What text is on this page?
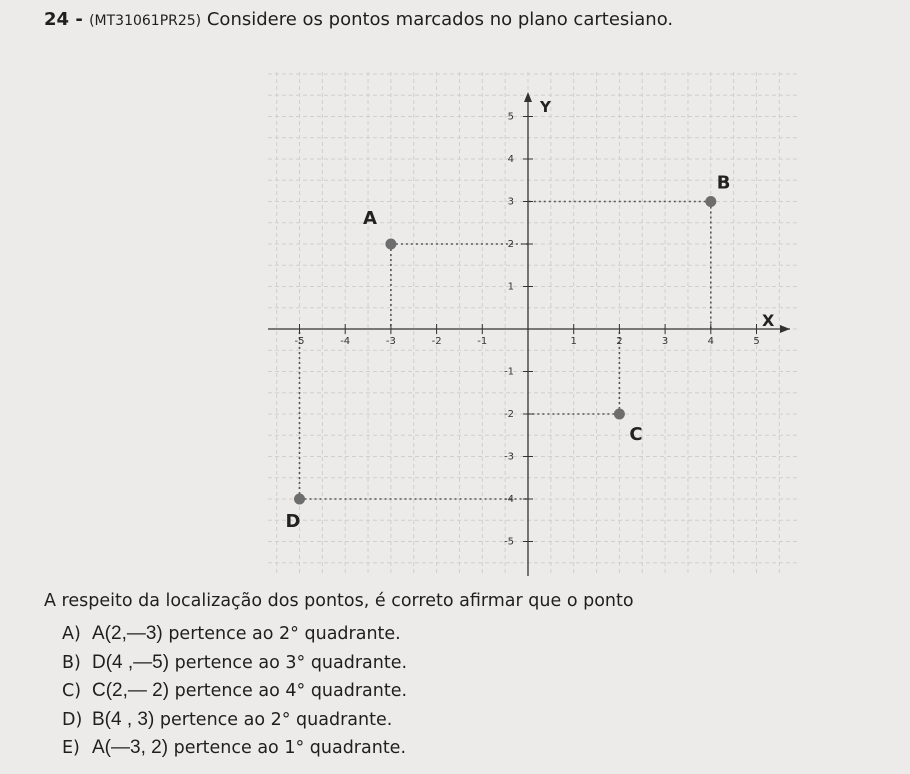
24 - (MT31061PR25) Considere os pontos marcados no plano cartesiano.
X
Y
-5	-4	-3	-2	-1	1	2	3	4	5
5
4
3
2
1
-1
-2
-3
-4
-5
A
B
C
D
A respeito da localização dos pontos, é correto afirmar que o ponto
A) A(2,—3) pertence ao 2° quadrante.
B) D(4 ,—5) pertence ao 3° quadrante.
C) C(2,— 2) pertence ao 4° quadrante.
D) B(4 , 3) pertence ao 2° quadrante.
E) A(—3, 2) pertence ao 1° quadrante.
